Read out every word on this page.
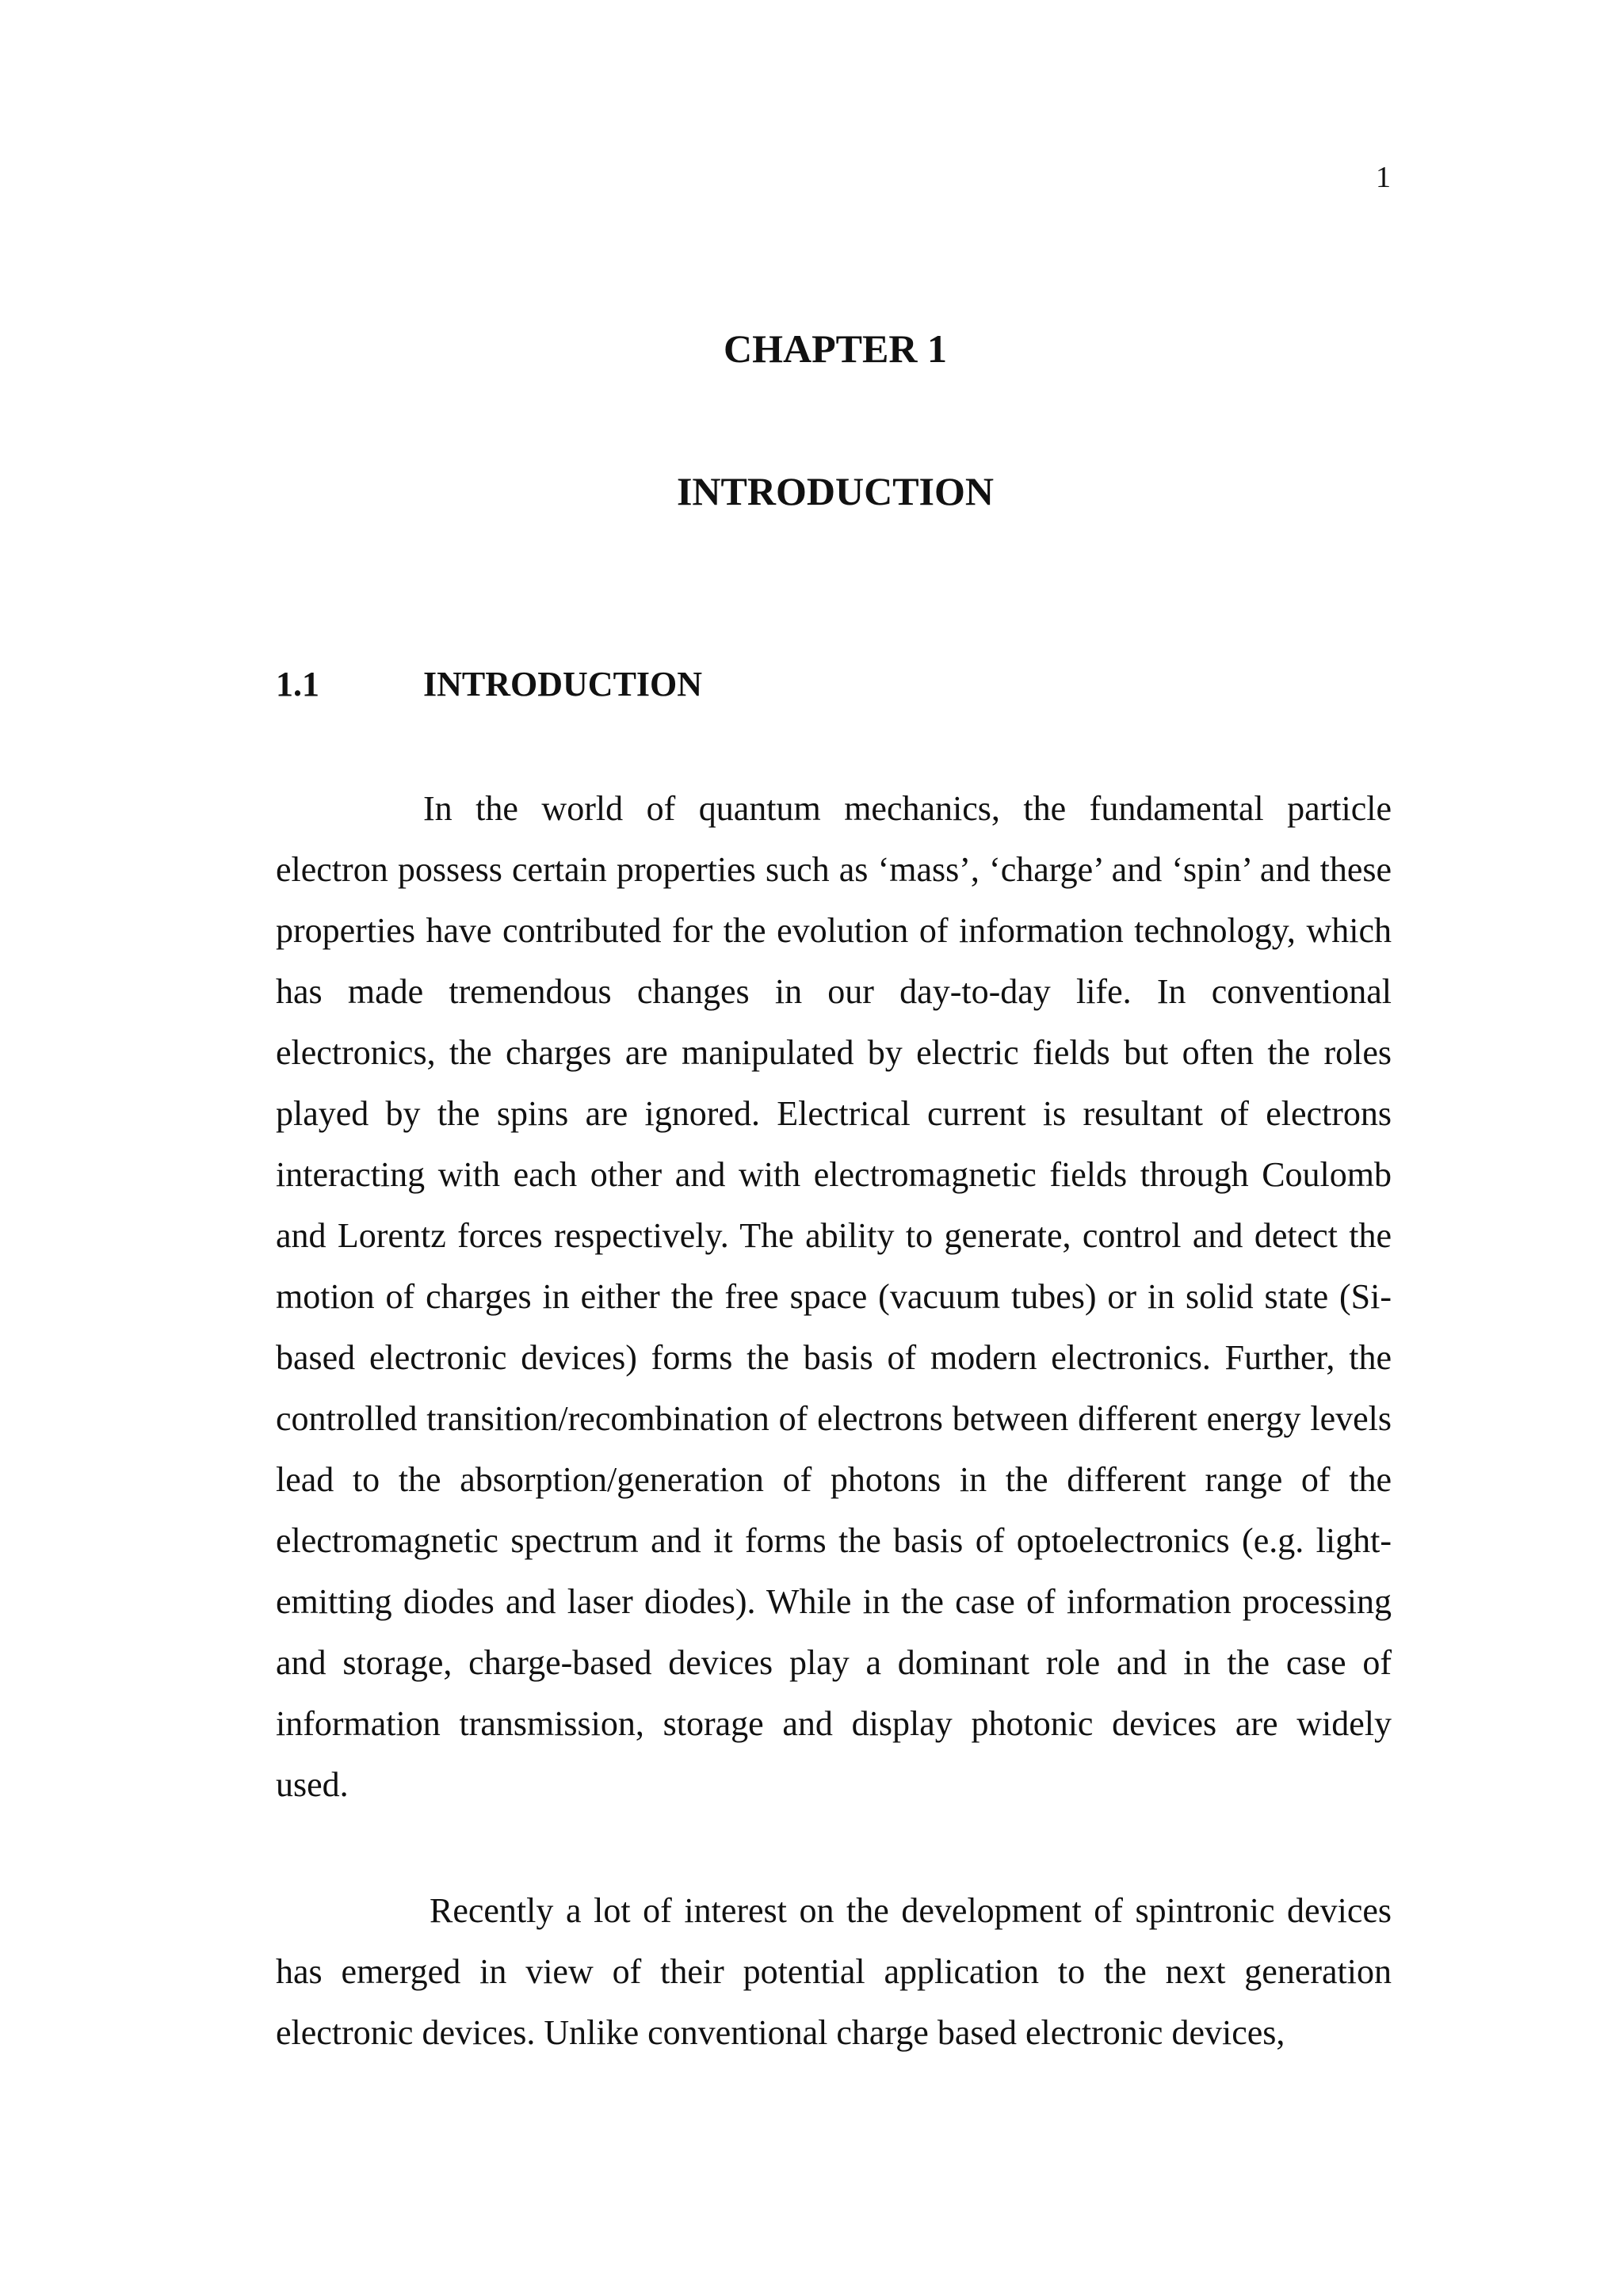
1
CHAPTER 1
INTRODUCTION
1.1	INTRODUCTION

In the world of quantum mechanics, the fundamental particle electron possess certain properties such as ‘mass’, ‘charge’ and ‘spin’ and these properties have contributed for the evolution of information technology, which has made tremendous changes in our day-to-day life. In conventional electronics, the charges are manipulated by electric fields but often the roles played by the spins are ignored. Electrical current is resultant of electrons interacting with each other and with electromagnetic fields through Coulomb and Lorentz forces respectively. The ability to generate, control and detect the motion of charges in either the free space (vacuum tubes) or in solid state (Si-based electronic devices) forms the basis of modern electronics. Further, the controlled transition/recombination of electrons between different energy levels lead to the absorption/generation of photons in the different range of the electromagnetic spectrum and it forms the basis of optoelectronics (e.g. light-emitting diodes and laser diodes). While in the case of information processing and storage, charge-based devices play a dominant role and in the case of information transmission, storage and display photonic devices are widely used.

Recently a lot of interest on the development of spintronic devices has emerged in view of their potential application to the next generation electronic devices. Unlike conventional charge based electronic devices,
